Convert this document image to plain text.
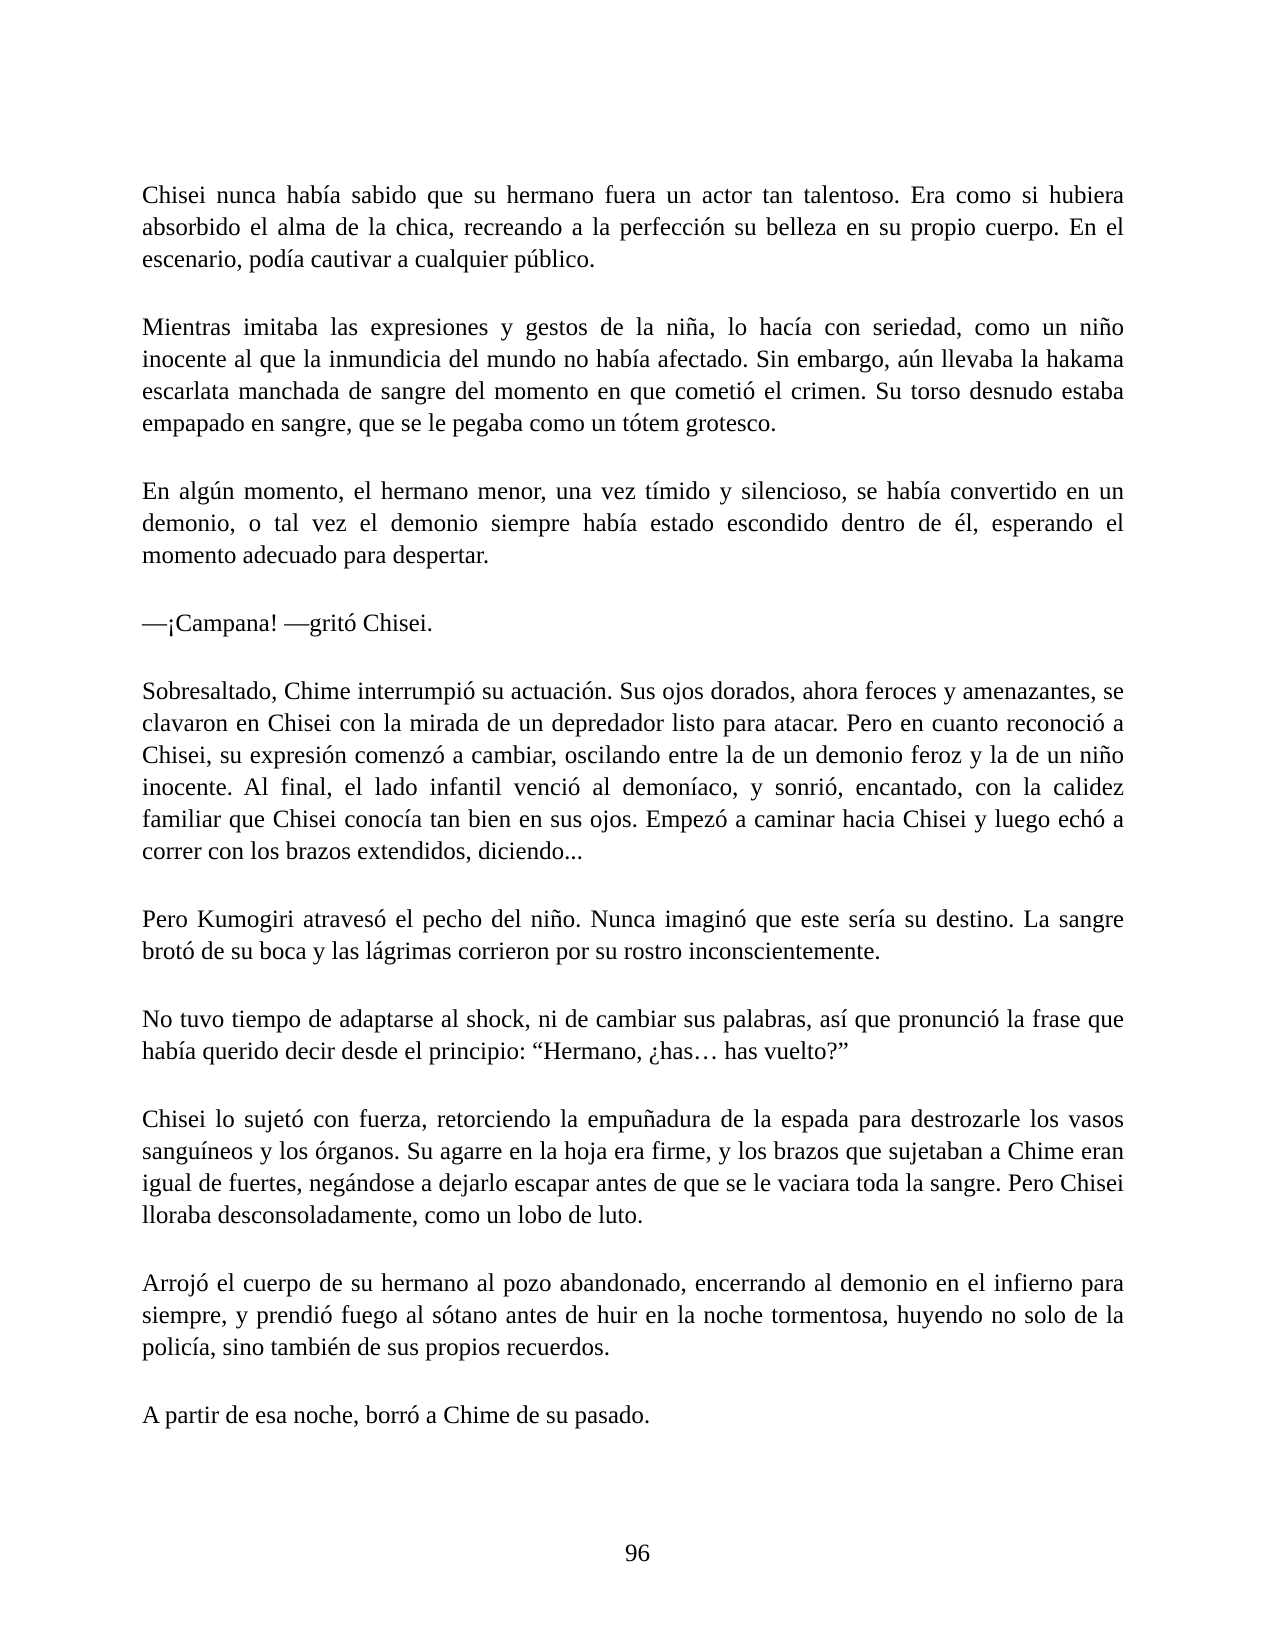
Chisei nunca había sabido que su hermano fuera un actor tan talentoso. Era como si hubiera absorbido el alma de la chica, recreando a la perfección su belleza en su propio cuerpo. En el escenario, podía cautivar a cualquier público.

Mientras imitaba las expresiones y gestos de la niña, lo hacía con seriedad, como un niño inocente al que la inmundicia del mundo no había afectado. Sin embargo, aún llevaba la hakama escarlata manchada de sangre del momento en que cometió el crimen. Su torso desnudo estaba empapado en sangre, que se le pegaba como un tótem grotesco.

En algún momento, el hermano menor, una vez tímido y silencioso, se había convertido en un demonio, o tal vez el demonio siempre había estado escondido dentro de él, esperando el momento adecuado para despertar.

—¡Campana! —gritó Chisei.

Sobresaltado, Chime interrumpió su actuación. Sus ojos dorados, ahora feroces y amenazantes, se clavaron en Chisei con la mirada de un depredador listo para atacar. Pero en cuanto reconoció a Chisei, su expresión comenzó a cambiar, oscilando entre la de un demonio feroz y la de un niño inocente. Al final, el lado infantil venció al demoníaco, y sonrió, encantado, con la calidez familiar que Chisei conocía tan bien en sus ojos. Empezó a caminar hacia Chisei y luego echó a correr con los brazos extendidos, diciendo...

Pero Kumogiri atravesó el pecho del niño. Nunca imaginó que este sería su destino. La sangre brotó de su boca y las lágrimas corrieron por su rostro inconscientemente.

No tuvo tiempo de adaptarse al shock, ni de cambiar sus palabras, así que pronunció la frase que había querido decir desde el principio: “Hermano, ¿has… has vuelto?”

Chisei lo sujetó con fuerza, retorciendo la empuñadura de la espada para destrozarle los vasos sanguíneos y los órganos. Su agarre en la hoja era firme, y los brazos que sujetaban a Chime eran igual de fuertes, negándose a dejarlo escapar antes de que se le vaciara toda la sangre. Pero Chisei lloraba desconsoladamente, como un lobo de luto.

Arrojó el cuerpo de su hermano al pozo abandonado, encerrando al demonio en el infierno para siempre, y prendió fuego al sótano antes de huir en la noche tormentosa, huyendo no solo de la policía, sino también de sus propios recuerdos.

A partir de esa noche, borró a Chime de su pasado.

96
